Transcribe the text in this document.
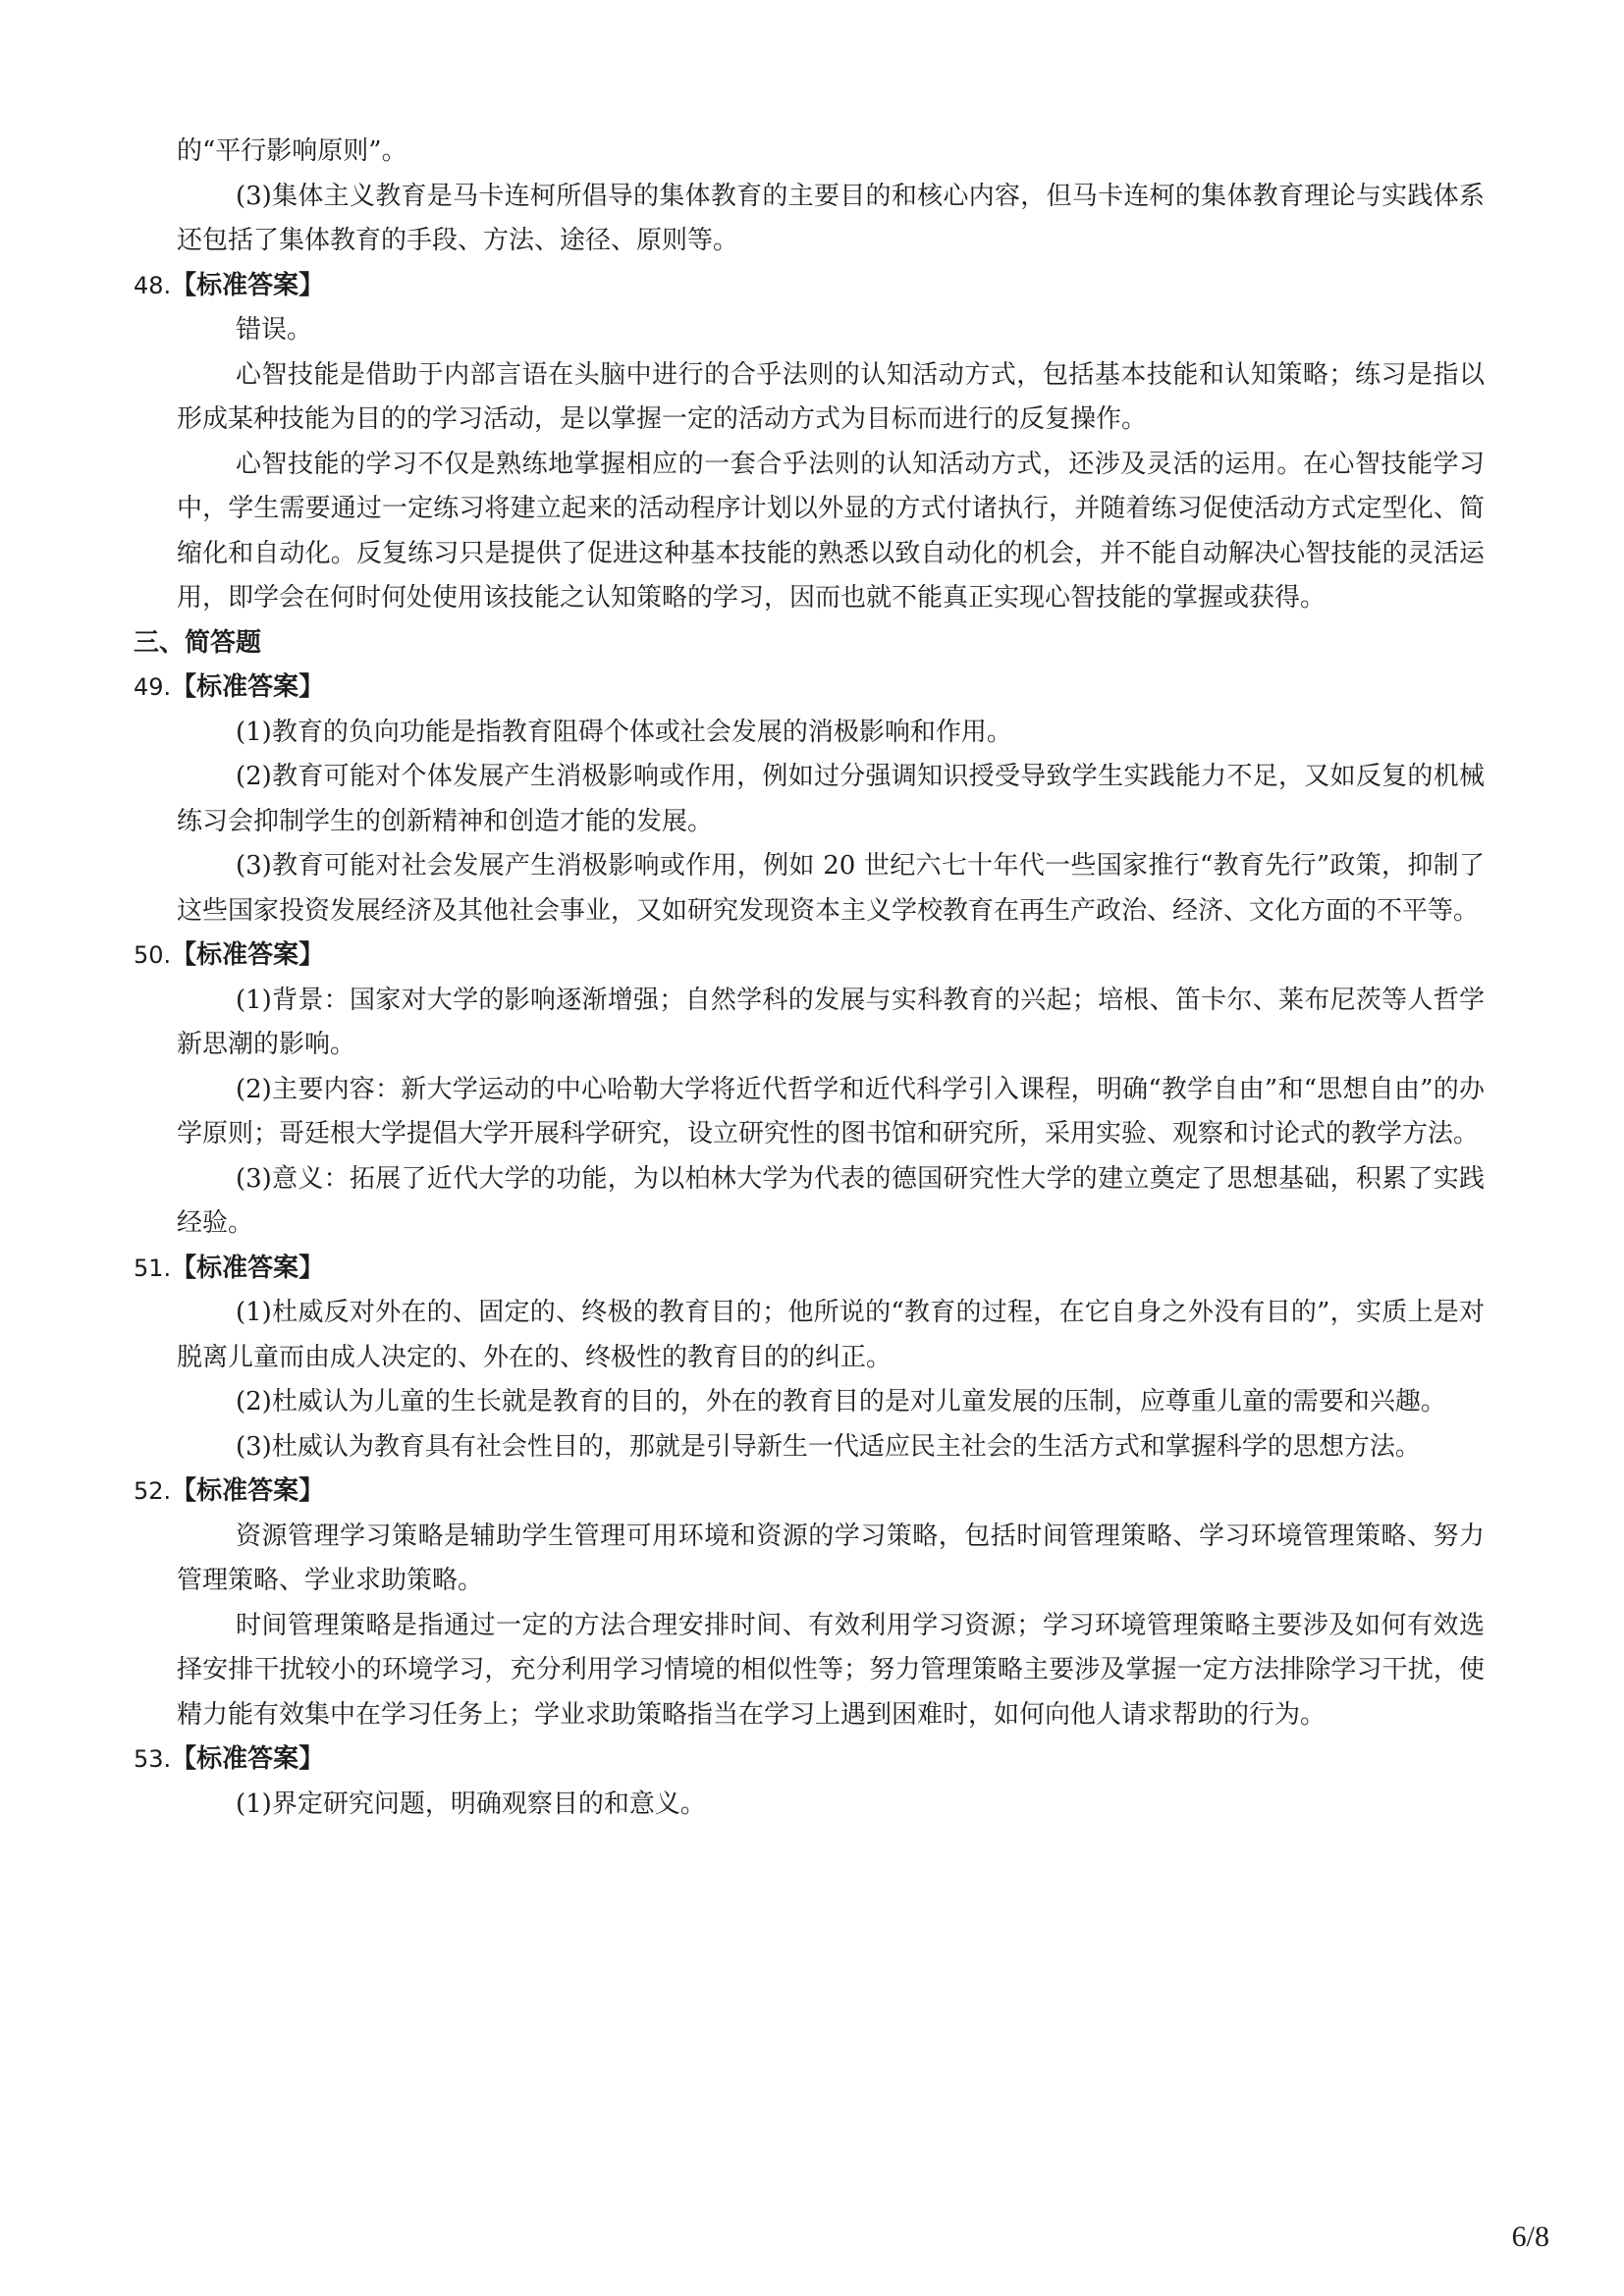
的“平行影响原则”。
(3)集体主义教育是马卡连柯所倡导的集体教育的主要目的和核心内容，但马卡连柯的集体教育理论与实践体系还包括了集体教育的手段、方法、途径、原则等。
48.【标准答案】
错误。
心智技能是借助于内部言语在头脑中进行的合乎法则的认知活动方式，包括基本技能和认知策略；练习是指以形成某种技能为目的的学习活动，是以掌握一定的活动方式为目标而进行的反复操作。
心智技能的学习不仅是熟练地掌握相应的一套合乎法则的认知活动方式，还涉及灵活的运用。在心智技能学习中，学生需要通过一定练习将建立起来的活动程序计划以外显的方式付诸执行，并随着练习促使活动方式定型化、简缩化和自动化。反复练习只是提供了促进这种基本技能的熟悉以致自动化的机会，并不能自动解决心智技能的灵活运用，即学会在何时何处使用该技能之认知策略的学习，因而也就不能真正实现心智技能的掌握或获得。
三、简答题
49.【标准答案】
(1)教育的负向功能是指教育阻碍个体或社会发展的消极影响和作用。
(2)教育可能对个体发展产生消极影响或作用，例如过分强调知识授受导致学生实践能力不足，又如反复的机械练习会抑制学生的创新精神和创造才能的发展。
(3)教育可能对社会发展产生消极影响或作用，例如 20 世纪六七十年代一些国家推行“教育先行”政策，抑制了这些国家投资发展经济及其他社会事业，又如研究发现资本主义学校教育在再生产政治、经济、文化方面的不平等。
50.【标准答案】
(1)背景：国家对大学的影响逐渐增强；自然学科的发展与实科教育的兴起；培根、笛卡尔、莱布尼茨等人哲学新思潮的影响。
(2)主要内容：新大学运动的中心哈勒大学将近代哲学和近代科学引入课程，明确“教学自由”和“思想自由”的办学原则；哥廷根大学提倡大学开展科学研究，设立研究性的图书馆和研究所，采用实验、观察和讨论式的教学方法。
(3)意义：拓展了近代大学的功能，为以柏林大学为代表的德国研究性大学的建立奠定了思想基础，积累了实践经验。
51.【标准答案】
(1)杜威反对外在的、固定的、终极的教育目的；他所说的“教育的过程，在它自身之外没有目的”，实质上是对脱离儿童而由成人决定的、外在的、终极性的教育目的的纠正。
(2)杜威认为儿童的生长就是教育的目的，外在的教育目的是对儿童发展的压制，应尊重儿童的需要和兴趣。
(3)杜威认为教育具有社会性目的，那就是引导新生一代适应民主社会的生活方式和掌握科学的思想方法。
52.【标准答案】
资源管理学习策略是辅助学生管理可用环境和资源的学习策略，包括时间管理策略、学习环境管理策略、努力管理策略、学业求助策略。
时间管理策略是指通过一定的方法合理安排时间、有效利用学习资源；学习环境管理策略主要涉及如何有效选择安排干扰较小的环境学习，充分利用学习情境的相似性等；努力管理策略主要涉及掌握一定方法排除学习干扰，使精力能有效集中在学习任务上；学业求助策略指当在学习上遇到困难时，如何向他人请求帮助的行为。
53.【标准答案】
(1)界定研究问题，明确观察目的和意义。
6/8
